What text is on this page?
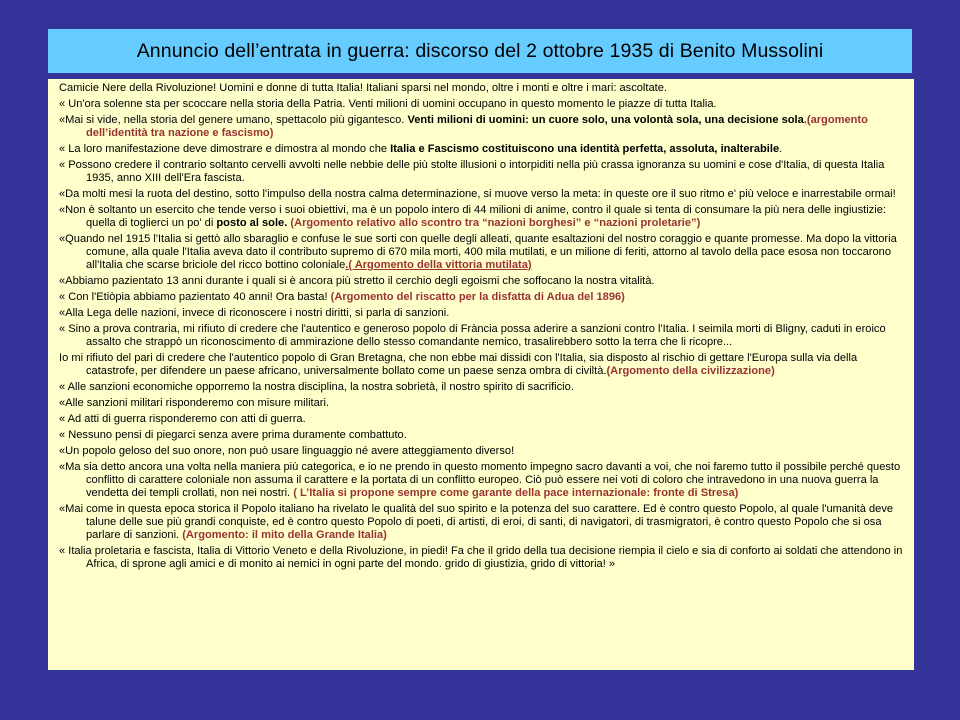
Annuncio dell’entrata in guerra: discorso del 2 ottobre 1935 di Benito Mussolini
Camicie Nere della Rivoluzione! Uomini e donne di tutta Italia! Italiani sparsi nel mondo, oltre i monti e oltre i mari: ascoltate.
« Un'ora solenne sta per scoccare nella storia della Patria. Venti milioni di uomini occupano in questo momento le piazze di tutta Italia.
«Mai si vide, nella storia del genere umano, spettacolo più gigantesco. Venti milioni di uomini: un cuore solo, una volontà sola, una decisione sola.(argomento dell’identità tra nazione e fascismo)
« La loro manifestazione deve dimostrare e dimostra al mondo che Italia e Fascismo costituiscono una identità perfetta, assoluta, inalterabile.
« Possono credere il contrario soltanto cervelli avvolti nelle nebbie delle più stolte illusioni o intorpiditi nella più crassa ignoranza su uomini e cose d'Italia, di questa Italia 1935, anno XIII dell'Era fascista.
«Da molti mesi la ruota del destino, sotto l'impulso della nostra calma determinazione, si muove verso la meta: in queste ore il suo ritmo e' più veloce e inarrestabile ormai!
«Non è soltanto un esercito che tende verso i suoi obiettivi, ma è un popolo intero di 44 milioni di anime, contro il quale si tenta di consumare la più nera delle ingiustizie: quella di toglierci un po' di posto al sole. (Argomento relativo allo scontro tra “nazioni borghesi” e “nazioni proletarie”)
«Quando nel 1915 l'Italia si gettò allo sbaraglio e confuse le sue sorti con quelle degli alleati, quante esaltazioni del nostro coraggio e quante promesse. Ma dopo la vittoria comune, alla quale l'Italia aveva dato il contributo supremo di 670 mila morti, 400 mila mutilati, e un milione di feriti, attorno al tavolo della pace esosa non toccarono all'Italia che scarse briciole del ricco bottino coloniale.( Argomento della vittoria mutilata)
«Abbiamo pazientato 13 anni durante i quali si è ancora più stretto il cerchio degli egoismi che soffocano la nostra vitalità.
« Con l'Etiòpia abbiamo pazientato 40 anni! Ora basta! (Argomento del riscatto per la disfatta di Adua del 1896)
«Alla Lega delle nazioni, invece di riconoscere i nostri diritti, si parla di sanzioni.
« Sino a prova contraria, mi rifiuto di credere che l'autentico e generoso popolo di Frància possa aderire a sanzioni contro l'Italia. I seimila morti di Bligny, caduti in eroico assalto che strappò un riconoscimento di ammirazione dello stesso comandante nemico, trasalirebbero sotto la terra che li ricopre...
Io mi rifiuto del pari di credere che l'autentico popolo di Gran Bretagna, che non ebbe mai dissidi con l'Italia, sia disposto al rischio di gettare l'Europa sulla via della catastrofe, per difendere un paese africano, universalmente bollato come un paese senza ombra di civiltà.(Argomento della civilizzazione)
« Alle sanzioni economiche opporremo la nostra disciplina, la nostra sobrietà, il nostro spirito di sacrificio.
«Alle sanzioni militari risponderemo con misure militari.
« Ad atti di guerra risponderemo con atti di guerra.
« Nessuno pensi di piegarci senza avere prima duramente combattuto.
«Un popolo geloso del suo onore, non può usare linguaggio né avere atteggiamento diverso!
«Ma sia detto ancora una volta nella maniera più categorica, e io ne prendo in questo momento impegno sacro davanti a voi, che noi faremo tutto il possibile perché questo conflitto di carattere coloniale non assuma il carattere e la portata di un conflitto europeo. Ciò può essere nei voti di coloro che intravedono in una nuova guerra la vendetta dei templi crollati, non nei nostri. ( L’Italia si propone sempre come garante della pace internazionale: fronte di Stresa)
«Mai come in questa epoca storica il Popolo italiano ha rivelato le qualità del suo spirito e la potenza del suo carattere. Ed è contro questo Popolo, al quale l'umanità deve talune delle sue più grandi conquiste, ed è contro questo Popolo di poeti, di artisti, di eroi, di santi, di navigatori, di trasmigratori, è contro questo Popolo che si osa parlare di sanzioni. (Argomento: il mito della Grande Italia)
« Italia proletaria e fascista, Italia di Vittorio Veneto e della Rivoluzione, in piedi! Fa che il grido della tua decisione riempia il cielo e sia di conforto ai soldati che attendono in Africa, di sprone agli amici e di monito ai nemici in ogni parte del mondo. grido di giustizia, grido di vittoria! »
